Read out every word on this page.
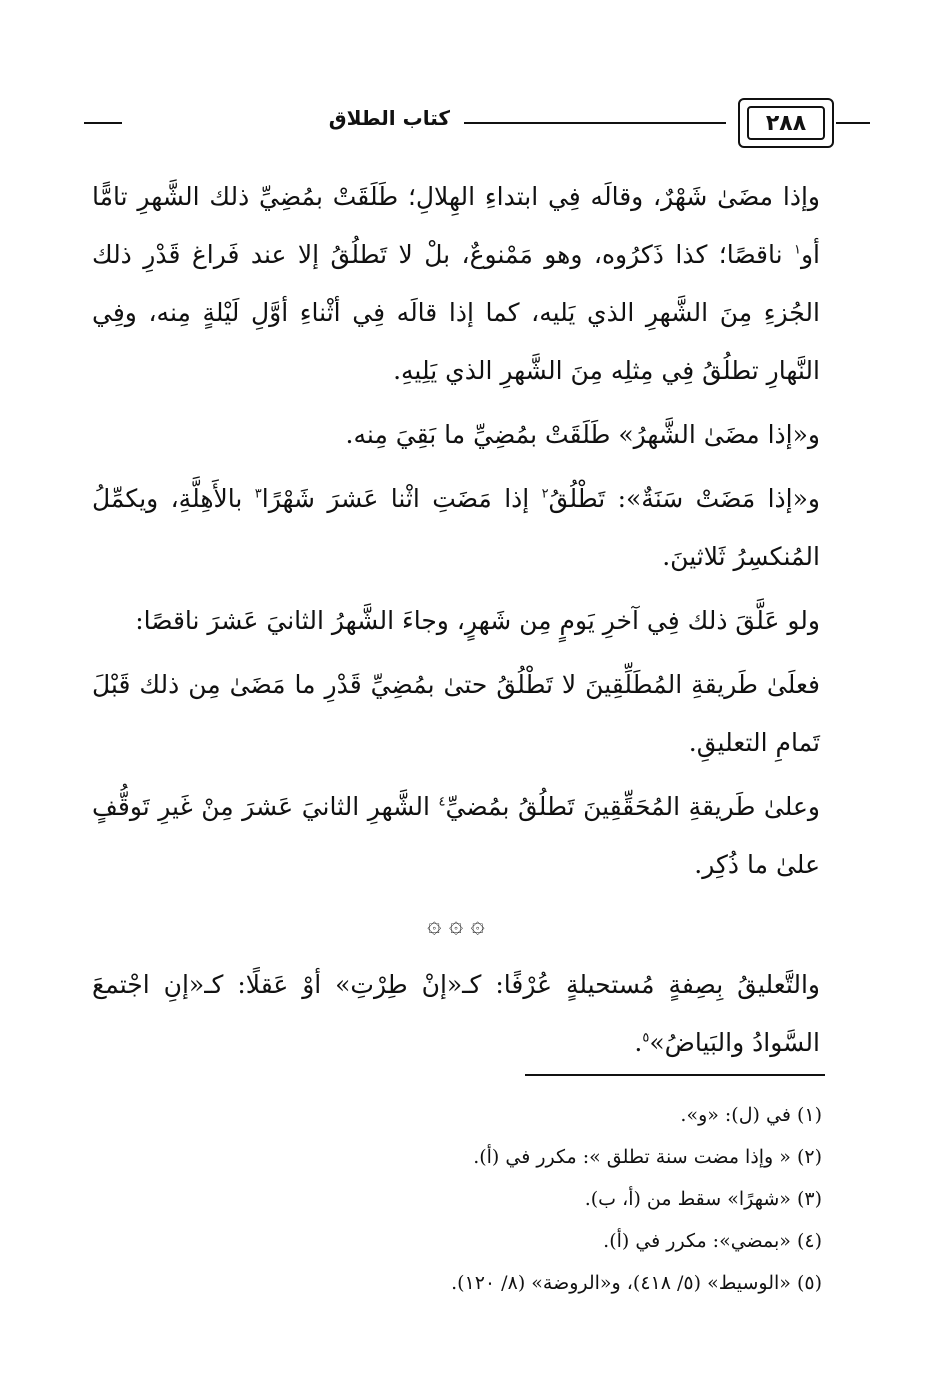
٢٨٨
كتاب الطلاق

وإذا مضَىٰ شَهْرٌ، وقالَه فِي ابتداءِ الهِلالِ؛ طَلَقَتْ بمُضِيِّ ذلك الشَّهرِ تامًّا أو$^١$ ناقصًا؛ كذا ذَكرُوه، وهو مَمْنوعٌ، بلْ لا تَطلُقُ إلا عند فَراغ قَدْرِ ذلك الجُزءِ مِنَ الشَّهرِ الذي يَليه، كما إذا قالَه فِي أثْناءِ أوَّلِ لَيْلةٍ مِنه، وفِي النَّهارِ تطلُقُ فِي مِثلِه مِنَ الشَّهرِ الذي يَلِيهِ.

و«إذا مضَىٰ الشَّهرُ» طَلَقَتْ بمُضِيِّ ما بَقِيَ مِنه.

و«إذا مَضَتْ سَنَةٌ»: تَطْلُقُ$^٢$ إذا مَضَتِ اثْنا عَشرَ شَهْرًا$^٣$ بالأَهِلَّةِ، ويكمِّلُ المُنكسِرُ ثَلاثينَ.

ولو عَلَّقَ ذلك فِي آخرِ يَومٍ مِن شَهرٍ، وجاءَ الشَّهرُ الثانيَ عَشرَ ناقصًا:

فعلَىٰ طَريقةِ المُطَلِّقِينَ لا تَطْلُقُ حتىٰ بمُضِيِّ قَدْرِ ما مَضَىٰ مِن ذلك قَبْلَ تَمامِ التعليقِ.

وعلىٰ طَريقةِ المُحَقِّقِينَ تَطلُقُ بمُضيِّ$^٤$ الشَّهرِ الثانيَ عَشرَ مِنْ غَيرِ تَوقُّفٍ علىٰ ما ذُكِر.

۞ ۞ ۞

والتَّعليقُ بِصِفةٍ مُستحيلةٍ عُرْفًا: كـ«إنْ طِرْتِ» أوْ عَقلًا: كـ«إنِ اجْتمعَ السَّوادُ والبَياضُ»$^٥$.

(١) في (ل): «و».
(٢) « وإذا مضت سنة تطلق »: مكرر في (أ).
(٣) «شهرًا» سقط من (أ، ب).
(٤) «بمضي»: مكرر في (أ).
(٥) «الوسيط» (٥/ ٤١٨)، و«الروضة» (٨/ ١٢٠).
